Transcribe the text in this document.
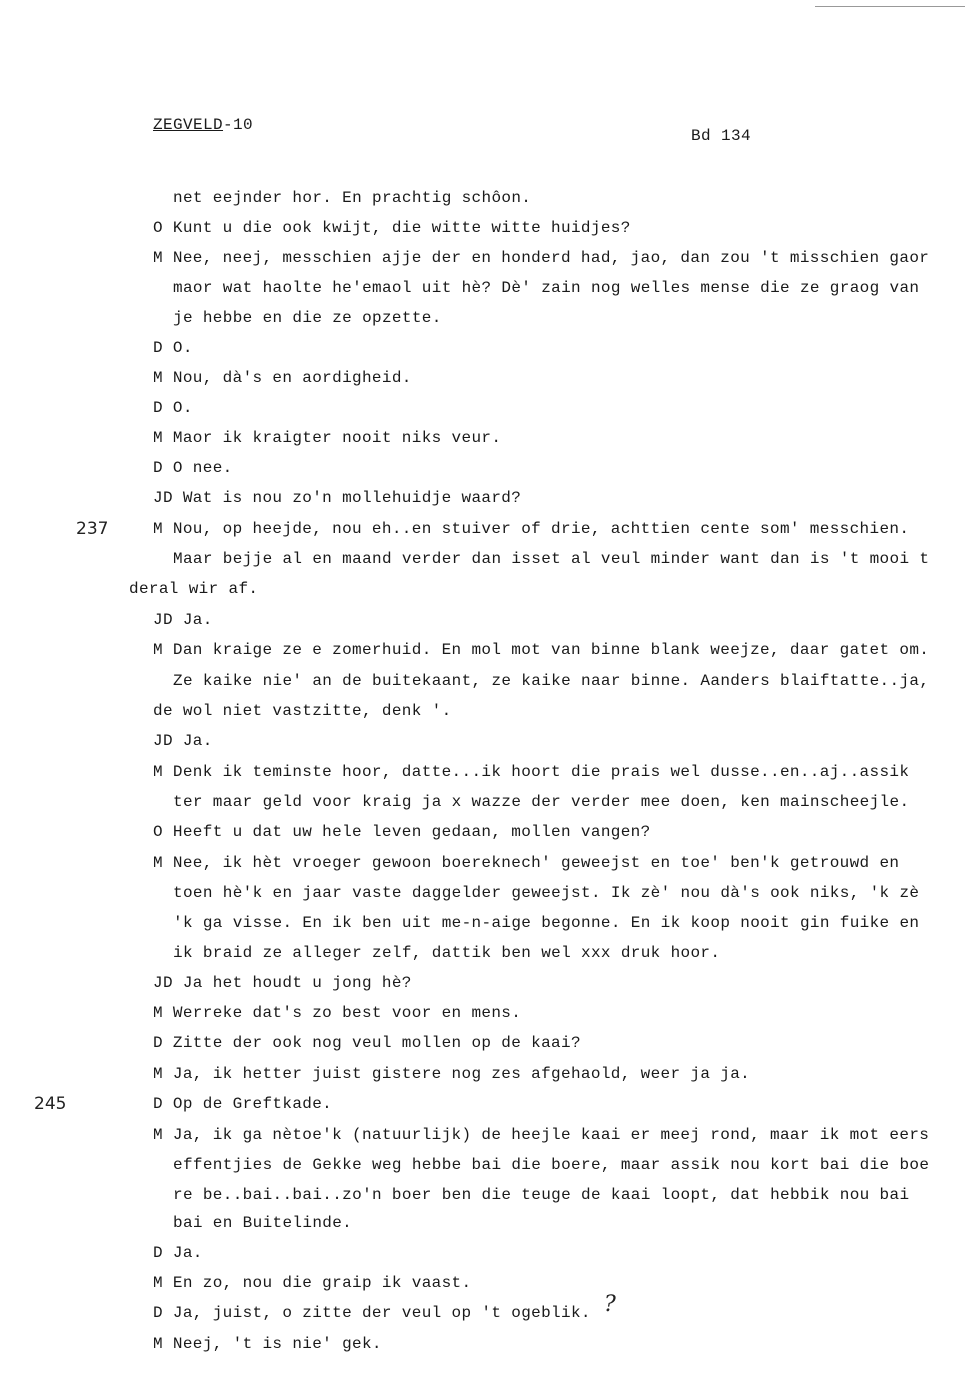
ZEGVELD-10
Bd 134
237
245
?
net eejnder hor. En prachtig schôon.
O Kunt u die ook kwijt, die witte witte huidjes?
M Nee, neej, messchien ajje der en honderd had, jao, dan zou 't misschien gaor
maor wat haolte he'emaol uit hè? Dè' zain nog welles mense die ze graog van
je hebbe en die ze opzette.
D O.
M Nou, dà's en aordigheid.
D O.
M Maor ik kraigter nooit niks veur.
D O nee.
JD Wat is nou zo'n mollehuidje waard?
M Nou, op heejde, nou eh..en stuiver of drie, achttien cente som' messchien.
Maar bejje al en maand verder dan isset al veul minder want dan is 't mooi t
deral wir af.
JD Ja.
M Dan kraige ze e zomerhuid. En mol mot van binne blank weejze, daar gatet om.
Ze kaike nie' an de buitekaant, ze kaike naar binne. Aanders blaiftatte..ja,
de wol niet vastzitte, denk '.
JD Ja.
M Denk ik teminste hoor, datte...ik hoort die prais wel dusse..en..aj..assik
ter maar geld voor kraig ja x wazze der verder mee doen, ken mainscheejle.
O Heeft u dat uw hele leven gedaan, mollen vangen?
M Nee, ik hèt vroeger gewoon boereknech' geweejst en toe' ben'k getrouwd en
toen hè'k en jaar vaste daggelder geweejst. Ik zè' nou dà's ook niks, 'k zè
'k ga visse. En ik ben uit me-n-aige begonne. En ik koop nooit gin fuike en
ik braid ze alleger zelf, dattik ben wel xxx druk hoor.
JD Ja het houdt u jong hè?
M Werreke dat's zo best voor en mens.
D Zitte der ook nog veul mollen op de kaai?
M Ja, ik hetter juist gistere nog zes afgehaold, weer ja ja.
D Op de Greftkade.
M Ja, ik ga nètoe'k (natuurlijk) de heejle kaai er meej rond, maar ik mot eers
effentjies de Gekke weg hebbe bai die boere, maar assik nou kort bai die boe
re be..bai..bai..zo'n boer ben die teuge de kaai loopt, dat hebbik nou bai
bai en Buitelinde.
D Ja.
M En zo, nou die graip ik vaast.
D Ja, juist, o zitte der veul op 't ogeblik.
M Neej, 't is nie' gek.
